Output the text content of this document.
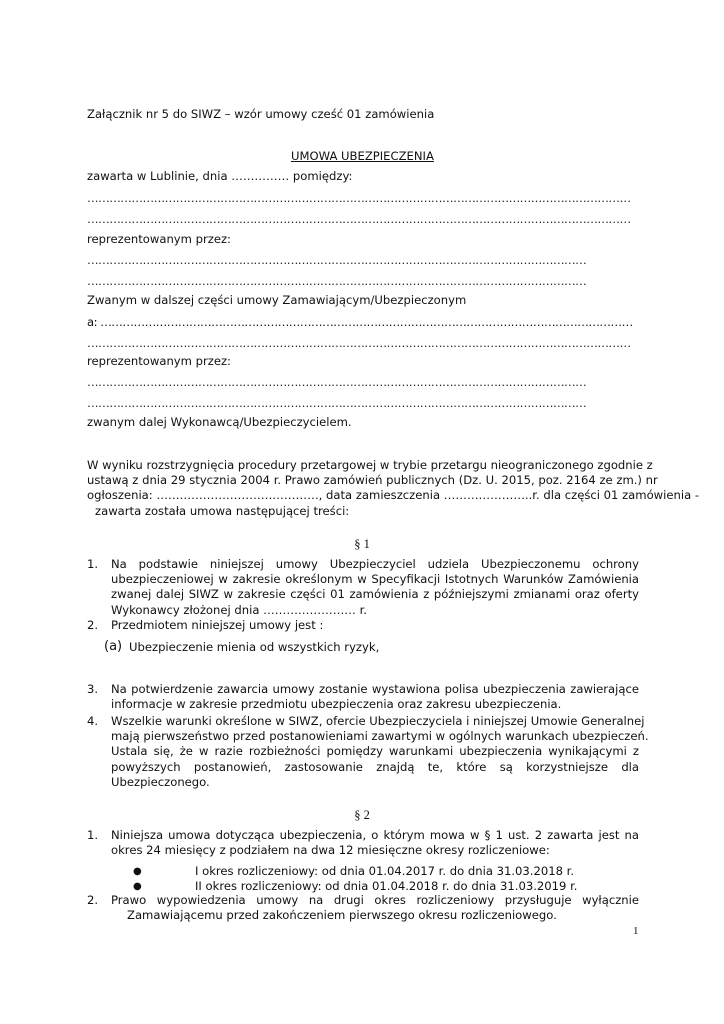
Załącznik nr 5 do SIWZ – wzór umowy cześć 01 zamówienia
UMOWA UBEZPIECZENIA
zawarta w Lublinie, dnia …………… pomiędzy:
…………………………………………………………………………………………………………………………………
…………………………………………………………………………………………………………………………………
reprezentowanym przez:
………………………………………………………………………………………………………………………
………………………………………………………………………………………………………………………
Zwanym w dalszej części umowy Zamawiającym/Ubezpieczonym
a: ………………………………………………………………………………………………………………………………
…………………………………………………………………………………………………………………………………
reprezentowanym przez:
………………………………………………………………………………………………………………………
………………………………………………………………………………………………………………………
zwanym dalej Wykonawcą/Ubezpieczycielem.
W wyniku rozstrzygnięcia procedury przetargowej w trybie przetargu nieograniczonego zgodnie z
ustawą z dnia 29 stycznia 2004 r. Prawo zamówień publicznych (Dz. U. 2015, poz. 2164 ze zm.) nr
ogłoszenia: ……………………………………, data zamieszczenia …………………..r. dla części 01 zamówienia -
zawarta została umowa następującej treści:
§ 1
1. Na podstawie niniejszej umowy Ubezpieczyciel udziela Ubezpieczonemu ochrony
ubezpieczeniowej w zakresie określonym w Specyfikacji Istotnych Warunków Zamówienia
zwanej dalej SIWZ w zakresie części 01 zamówienia z późniejszymi zmianami oraz oferty
Wykonawcy złożonej dnia …………………… r.
2. Przedmiotem niniejszej umowy jest :
(a) Ubezpieczenie mienia od wszystkich ryzyk,
3. Na potwierdzenie zawarcia umowy zostanie wystawiona polisa ubezpieczenia zawierające
informacje w zakresie przedmiotu ubezpieczenia oraz zakresu ubezpieczenia.
4. Wszelkie warunki określone w SIWZ, ofercie Ubezpieczyciela i niniejszej Umowie Generalnej
mają pierwszeństwo przed postanowieniami zawartymi w ogólnych warunkach ubezpieczeń.
Ustala się, że w razie rozbieżności pomiędzy warunkami ubezpieczenia wynikającymi z
powyższych postanowień, zastosowanie znajdą te, które są korzystniejsze dla
Ubezpieczonego.
§ 2
1. Niniejsza umowa dotycząca ubezpieczenia, o którym mowa w § 1 ust. 2 zawarta jest na
okres 24 miesięcy z podziałem na dwa 12 miesięczne okresy rozliczeniowe:
●	I okres rozliczeniowy: od dnia 01.04.2017 r. do dnia 31.03.2018 r.
●	II okres rozliczeniowy: od dnia 01.04.2018 r. do dnia 31.03.2019 r.
2. Prawo wypowiedzenia umowy na drugi okres rozliczeniowy przysługuje wyłącznie
Zamawiającemu przed zakończeniem pierwszego okresu rozliczeniowego.
1
